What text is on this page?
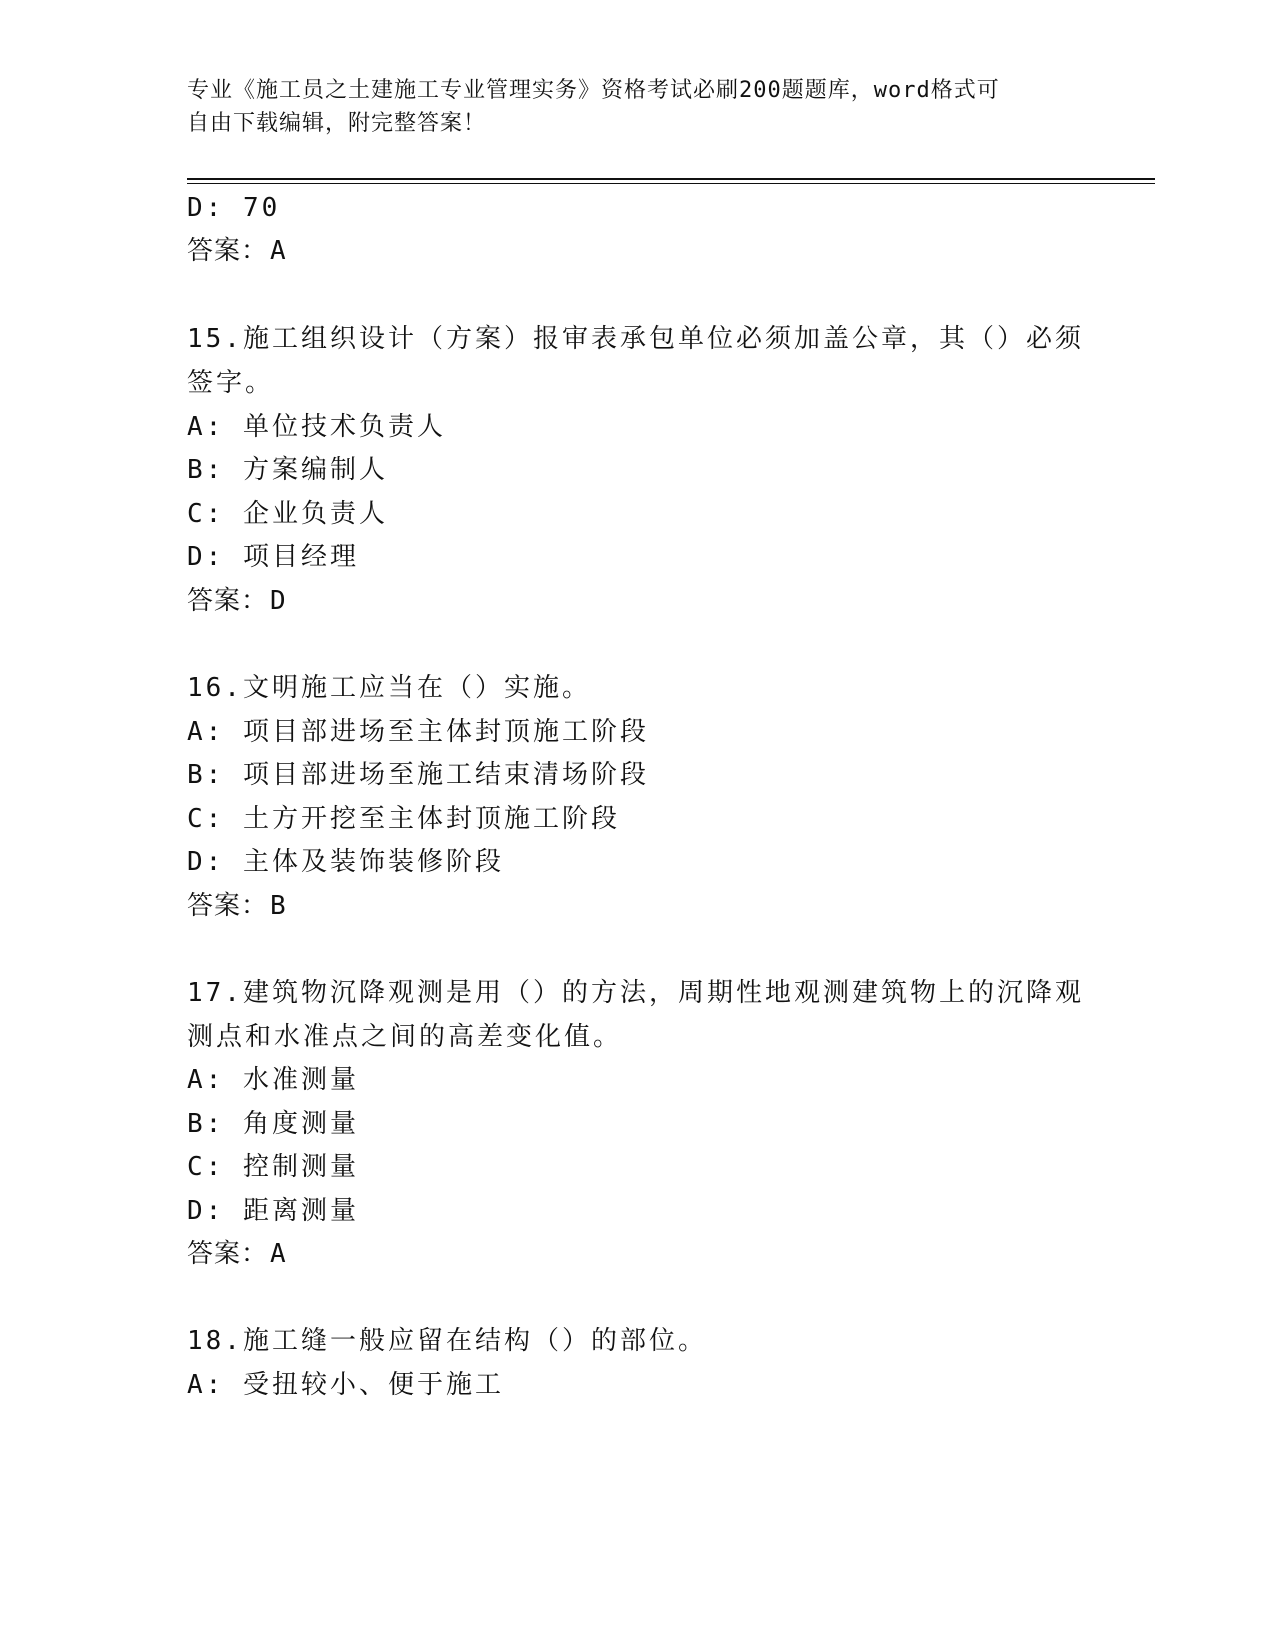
专业《施工员之土建施工专业管理实务》资格考试必刷200题题库，word格式可
自由下载编辑，附完整答案！
D: 70
答案：A
15.施工组织设计（方案）报审表承包单位必须加盖公章，其（）必须
签字。
A: 单位技术负责人
B: 方案编制人
C: 企业负责人
D: 项目经理
答案：D
16.文明施工应当在（）实施。
A: 项目部进场至主体封顶施工阶段
B: 项目部进场至施工结束清场阶段
C: 土方开挖至主体封顶施工阶段
D: 主体及装饰装修阶段
答案：B
17.建筑物沉降观测是用（）的方法，周期性地观测建筑物上的沉降观
测点和水准点之间的高差变化值。
A: 水准测量
B: 角度测量
C: 控制测量
D: 距离测量
答案：A
18.施工缝一般应留在结构（）的部位。
A: 受扭较小、便于施工
